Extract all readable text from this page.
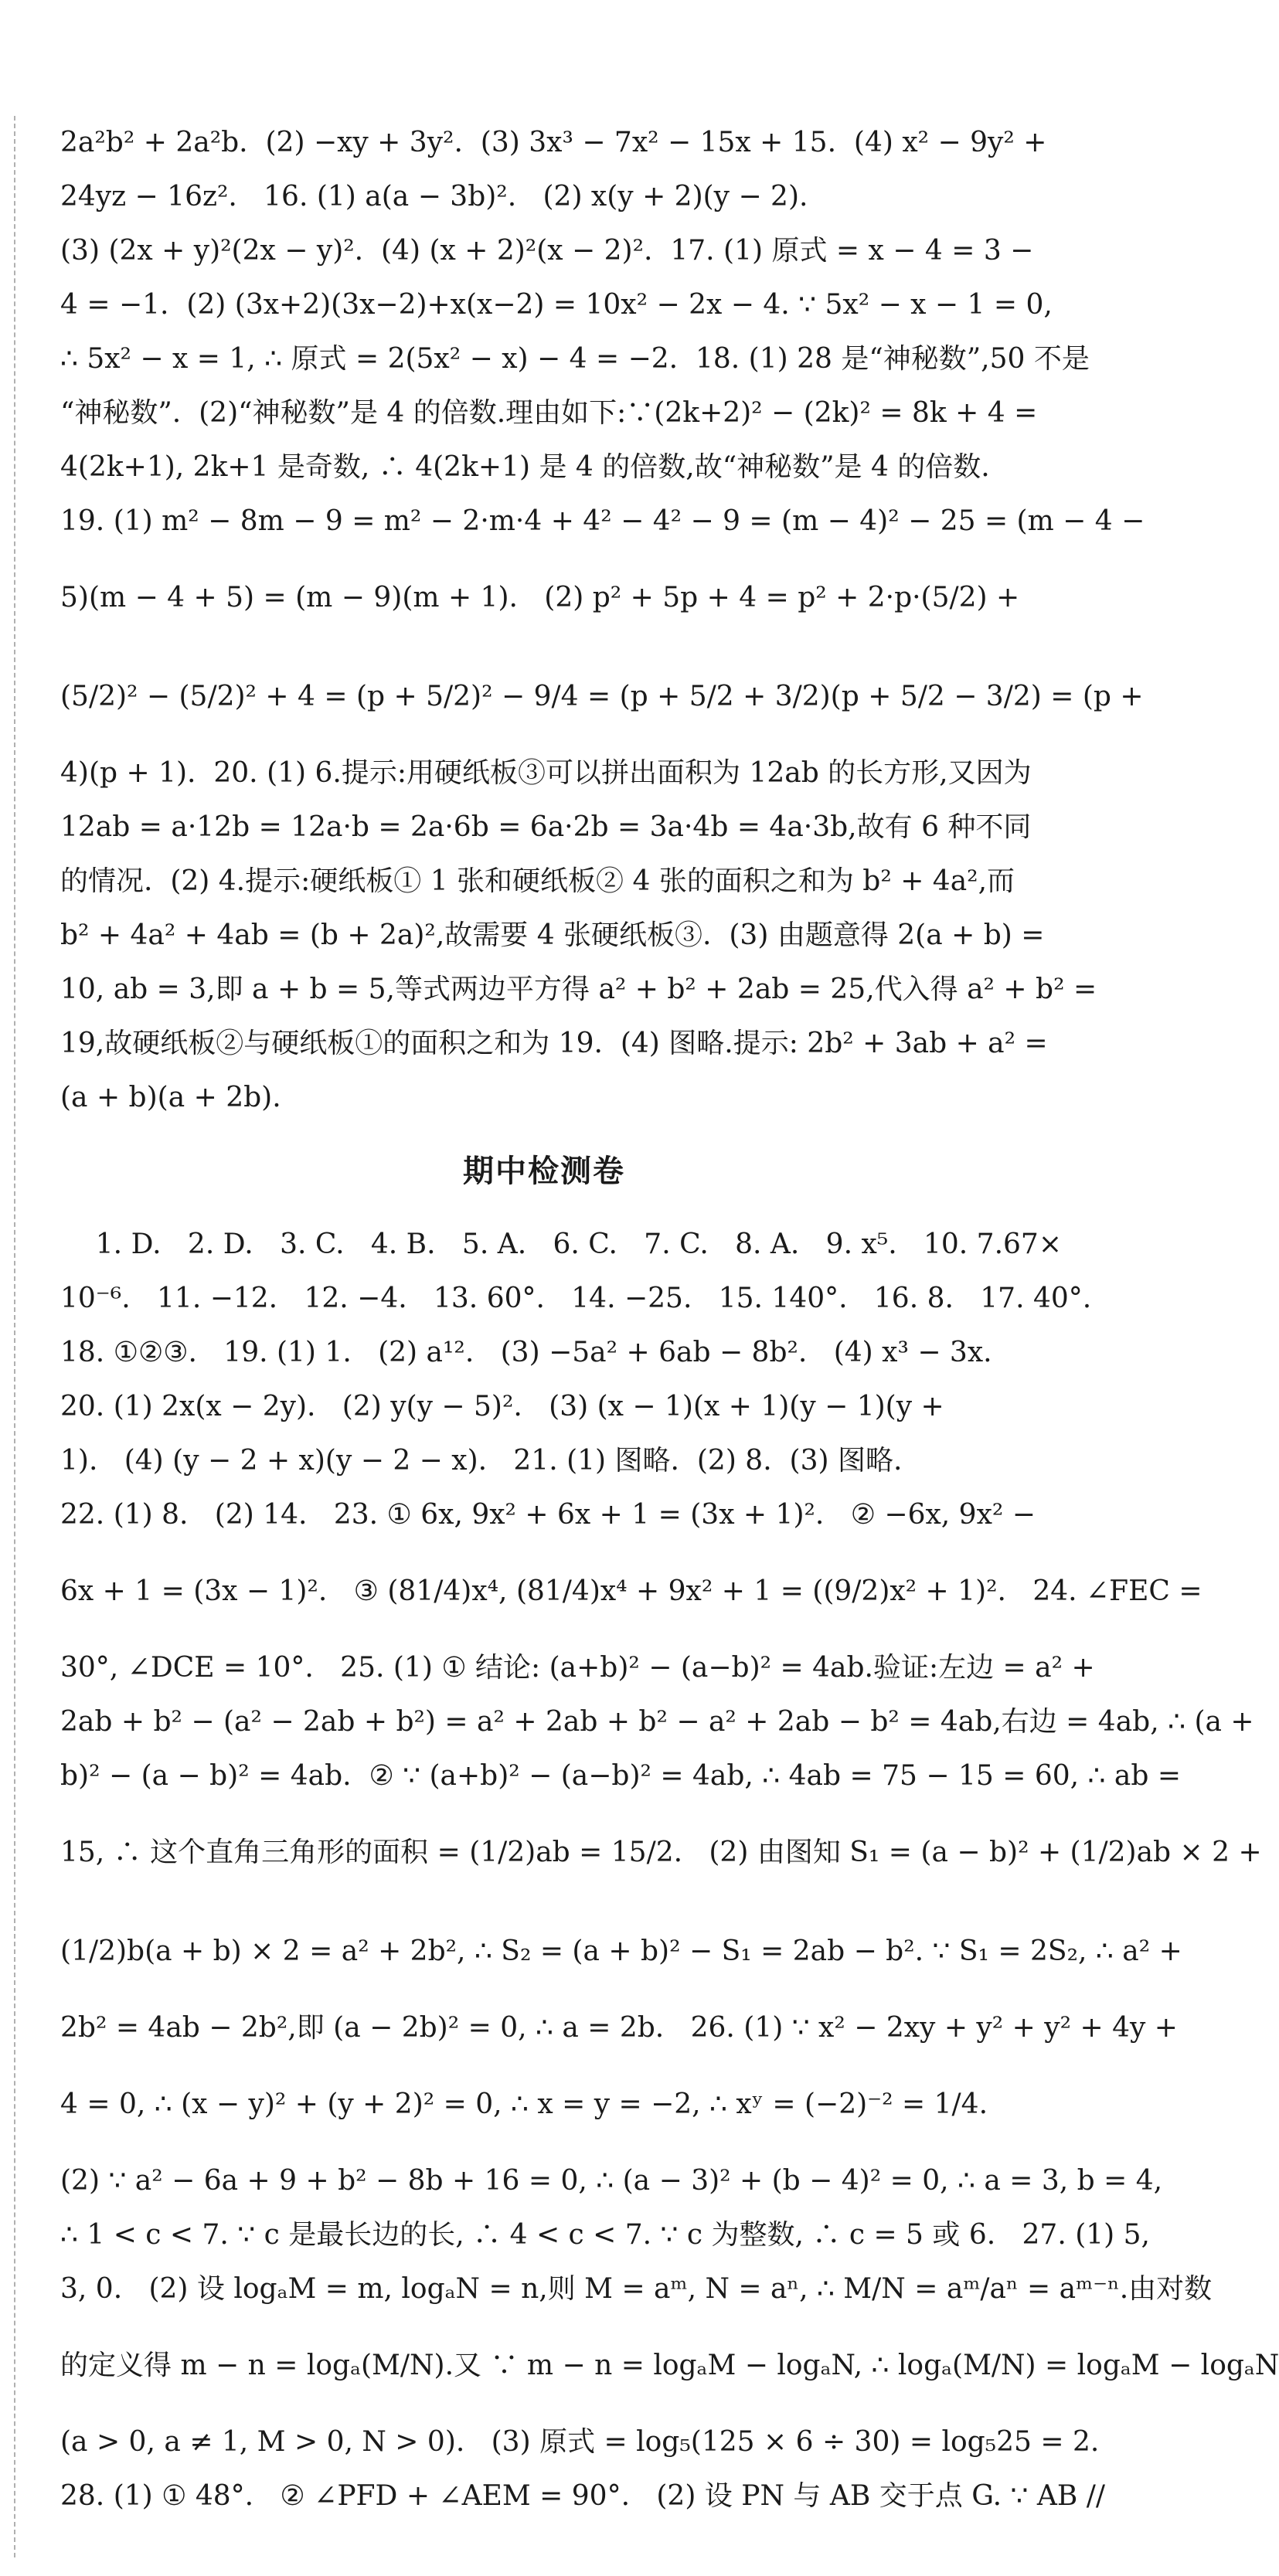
2a²b² + 2a²b.  (2) −xy + 3y².  (3) 3x³ − 7x² − 15x + 15.  (4) x² − 9y² +
24yz − 16z².   16. (1) a(a − 3b)².   (2) x(y + 2)(y − 2).
(3) (2x + y)²(2x − y)².  (4) (x + 2)²(x − 2)².  17. (1) 原式 = x − 4 = 3 −
4 = −1.  (2) (3x+2)(3x−2)+x(x−2) = 10x² − 2x − 4. ∵ 5x² − x − 1 = 0,
∴ 5x² − x = 1, ∴ 原式 = 2(5x² − x) − 4 = −2.  18. (1) 28 是“神秘数”,50 不是
“神秘数”.  (2)“神秘数”是 4 的倍数.理由如下:∵(2k+2)² − (2k)² = 8k + 4 =
4(2k+1), 2k+1 是奇数, ∴ 4(2k+1) 是 4 的倍数,故“神秘数”是 4 的倍数.
19. (1) m² − 8m − 9 = m² − 2·m·4 + 4² − 4² − 9 = (m − 4)² − 25 = (m − 4 −
5)(m − 4 + 5) = (m − 9)(m + 1).   (2) p² + 5p + 4 = p² + 2·p·(5/2) +
(5/2)² − (5/2)² + 4 = (p + 5/2)² − 9/4 = (p + 5/2 + 3/2)(p + 5/2 − 3/2) = (p +
4)(p + 1).  20. (1) 6.提示:用硬纸板③可以拼出面积为 12ab 的长方形,又因为
12ab = a·12b = 12a·b = 2a·6b = 6a·2b = 3a·4b = 4a·3b,故有 6 种不同
的情况.  (2) 4.提示:硬纸板① 1 张和硬纸板② 4 张的面积之和为 b² + 4a²,而
b² + 4a² + 4ab = (b + 2a)²,故需要 4 张硬纸板③.  (3) 由题意得 2(a + b) =
10, ab = 3,即 a + b = 5,等式两边平方得 a² + b² + 2ab = 25,代入得 a² + b² =
19,故硬纸板②与硬纸板①的面积之和为 19.  (4) 图略.提示: 2b² + 3ab + a² =
(a + b)(a + 2b).
期中检测卷
1. D.   2. D.   3. C.   4. B.   5. A.   6. C.   7. C.   8. A.   9. x⁵.   10. 7.67×
10⁻⁶.   11. −12.   12. −4.   13. 60°.   14. −25.   15. 140°.   16. 8.   17. 40°.
18. ①②③.   19. (1) 1.   (2) a¹².   (3) −5a² + 6ab − 8b².   (4) x³ − 3x.
20. (1) 2x(x − 2y).   (2) y(y − 5)².   (3) (x − 1)(x + 1)(y − 1)(y +
1).   (4) (y − 2 + x)(y − 2 − x).   21. (1) 图略.  (2) 8.  (3) 图略.
22. (1) 8.   (2) 14.   23. ① 6x, 9x² + 6x + 1 = (3x + 1)².   ② −6x, 9x² −
6x + 1 = (3x − 1)².   ③ (81/4)x⁴, (81/4)x⁴ + 9x² + 1 = ((9/2)x² + 1)².   24. ∠FEC =
30°, ∠DCE = 10°.   25. (1) ① 结论: (a+b)² − (a−b)² = 4ab.验证:左边 = a² +
2ab + b² − (a² − 2ab + b²) = a² + 2ab + b² − a² + 2ab − b² = 4ab,右边 = 4ab, ∴ (a +
b)² − (a − b)² = 4ab.  ② ∵ (a+b)² − (a−b)² = 4ab, ∴ 4ab = 75 − 15 = 60, ∴ ab =
15, ∴ 这个直角三角形的面积 = (1/2)ab = 15/2.   (2) 由图知 S₁ = (a − b)² + (1/2)ab × 2 +
(1/2)b(a + b) × 2 = a² + 2b², ∴ S₂ = (a + b)² − S₁ = 2ab − b². ∵ S₁ = 2S₂, ∴ a² +
2b² = 4ab − 2b²,即 (a − 2b)² = 0, ∴ a = 2b.   26. (1) ∵ x² − 2xy + y² + y² + 4y +
4 = 0, ∴ (x − y)² + (y + 2)² = 0, ∴ x = y = −2, ∴ xʸ = (−2)⁻² = 1/4.
(2) ∵ a² − 6a + 9 + b² − 8b + 16 = 0, ∴ (a − 3)² + (b − 4)² = 0, ∴ a = 3, b = 4,
∴ 1 < c < 7. ∵ c 是最长边的长, ∴ 4 < c < 7. ∵ c 为整数, ∴ c = 5 或 6.   27. (1) 5,
3, 0.   (2) 设 logₐM = m, logₐN = n,则 M = aᵐ, N = aⁿ, ∴ M/N = aᵐ/aⁿ = aᵐ⁻ⁿ.由对数
的定义得 m − n = logₐ(M/N).又 ∵ m − n = logₐM − logₐN, ∴ logₐ(M/N) = logₐM − logₐN
(a > 0, a ≠ 1, M > 0, N > 0).   (3) 原式 = log₅(125 × 6 ÷ 30) = log₅25 = 2.
28. (1) ① 48°.   ② ∠PFD + ∠AEM = 90°.   (2) 设 PN 与 AB 交于点 G. ∵ AB //
